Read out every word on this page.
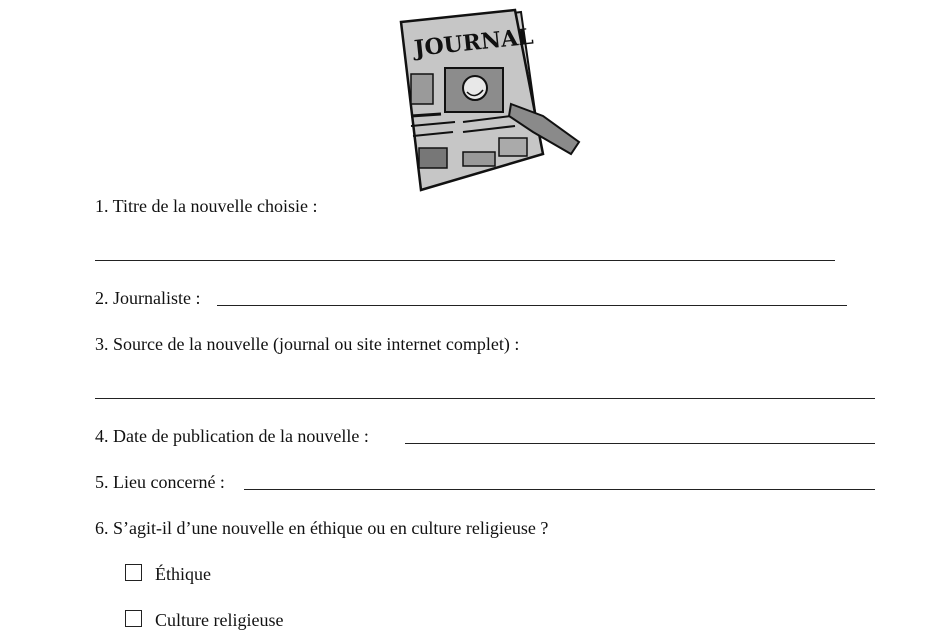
JOURNAL
1. Titre de la nouvelle choisie :
2. Journaliste :
3. Source de la nouvelle (journal ou site internet complet) :
4. Date de publication de la nouvelle :
5. Lieu concerné :
6. S’agit-il d’une nouvelle en éthique ou en culture religieuse ?
Éthique
Culture religieuse
